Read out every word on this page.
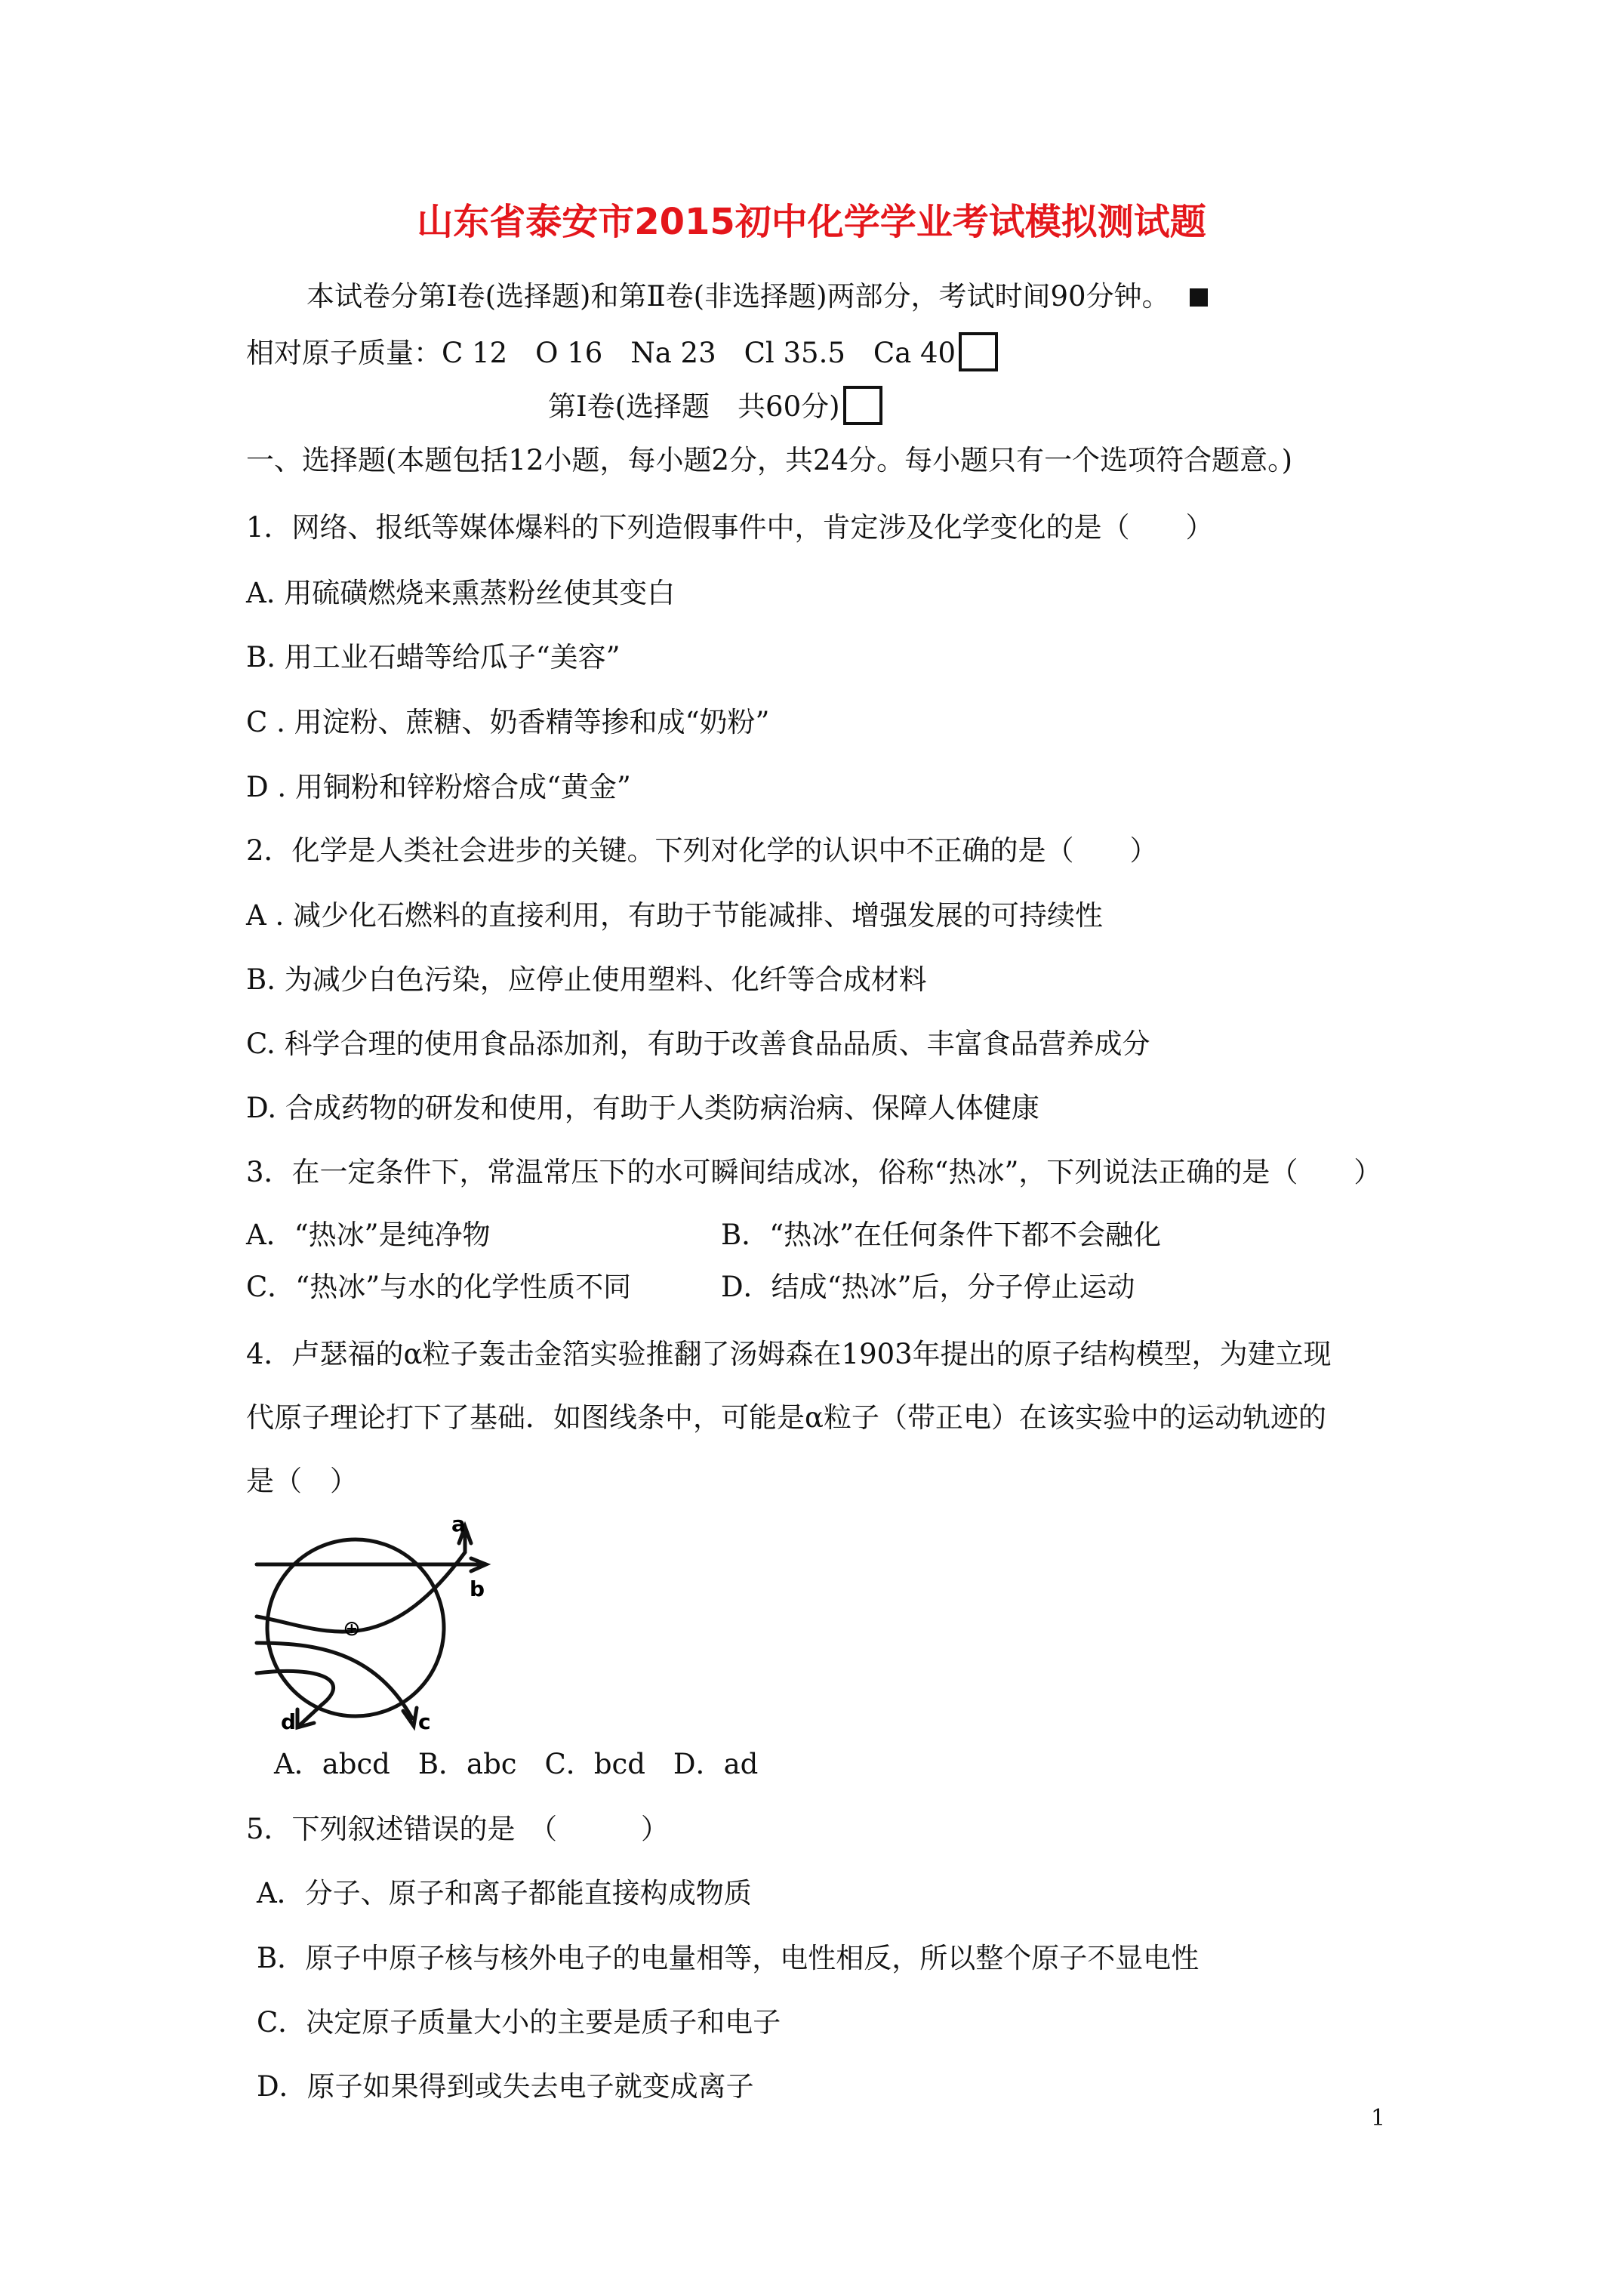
山东省泰安市2015初中化学学业考试模拟测试题
本试卷分第Ⅰ卷(选择题)和第Ⅱ卷(非选择题)两部分，考试时间90分钟。
相对原子质量：C 12　O 16　Na 23　Cl 35.5　Ca 40
第Ⅰ卷(选择题　共60分)
一、选择题(本题包括12小题，每小题2分，共24分。每小题只有一个选项符合题意。)
1．网络、报纸等媒体爆料的下列造假事件中，肯定涉及化学变化的是（　　）
A. 用硫磺燃烧来熏蒸粉丝使其变白
B. 用工业石蜡等给瓜子“美容”
C . 用淀粉、蔗糖、奶香精等掺和成“奶粉”
D . 用铜粉和锌粉熔合成“黄金”
2．化学是人类社会进步的关键。下列对化学的认识中不正确的是（　　）
A . 减少化石燃料的直接利用，有助于节能减排、增强发展的可持续性
B. 为减少白色污染，应停止使用塑料、化纤等合成材料
C. 科学合理的使用食品添加剂，有助于改善食品品质、丰富食品营养成分
D. 合成药物的研发和使用，有助于人类防病治病、保障人体健康
3．在一定条件下，常温常压下的水可瞬间结成冰，俗称“热冰”，下列说法正确的是（　　）
A．“热冰”是纯净物	B．“热冰”在任何条件下都不会融化
C．“热冰”与水的化学性质不同	D．结成“热冰”后，分子停止运动
4．卢瑟福的α粒子轰击金箔实验推翻了汤姆森在1903年提出的原子结构模型，为建立现
代原子理论打下了基础．如图线条中，可能是α粒子（带正电）在该实验中的运动轨迹的
是（　）
⊕
a
b
c
d
A．abcd　B．abc　C．bcd　D．ad
5．下列叙述错误的是　（　　　）
A．分子、原子和离子都能直接构成物质
B．原子中原子核与核外电子的电量相等，电性相反，所以整个原子不显电性
C．决定原子质量大小的主要是质子和电子
D．原子如果得到或失去电子就变成离子
1
